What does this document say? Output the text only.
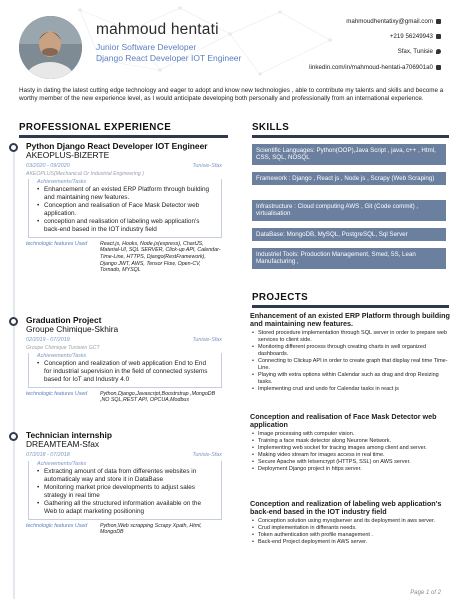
mahmoud hentati
Junior Software Developer
Django React Developer IOT Engineer
mahmoudhentatixy@gmail.com
+219 56249943
Sfax, Tunisie
linkedin.com/in/mahmoud-hentati-a706901a0
Hasty in dating the latest cutting edge technology and eager to adopt and know new technologies , able to contribute my talents and skills and become a worthy member of the new experience level, as I would anticipate developing both personally and professionally from an international experience.
PROFESSIONAL EXPERIENCE
Python Django React Developer IOT Engineer
AKEOPLUS-BIZERTE
03/2020 - 09/2020	Tunisie-Sfax
AKEOPLUS(Mechanical Or Industrial Engineering )
Achievements/Tasks
• Enhancement of an existed ERP Platform through building and maintaining new features.
• Conception and realisation of Face Mask Detector web application.
• conception and realisation of labeling web application's back-end based in the IOT industry field
technologic features Used	React.js, Hooks, Node.js(express), ChartJS, Material-UI, SQL SERVER, Click-up API, Calendar-Time-Line, HTTPS, Django(RestFramework), Django JWT, AWS, Tensor Flow, Open-CV, Tornado, MYSQL
Graduation Project
Groupe Chimique-Skhira
02/2019 - 07/2019	Tunisie-Sfax
Groupe Chimique Tunisien GCT
Achievements/Tasks
• Conception and realization of web application End to End for industrial supervision in the field of connected systems based for IoT and Industry 4.0
technologic features Used	Python,Django,Javascript,Boostrstrap ,MongoDB ,NO SQL,REST API, OPCUA,Modbus
Technician internship
DREAMTEAM-Sfax
07/2018 - 07/2018	Tunisie-Sfax
Achievements/Tasks
• Extracting amount of data from differentes websites in automaticaly way and store it in DataBase
• Monitoring market price developments to adjust sales strategy in real time
• Gathering all the structured information available on the Web to adapt marketing positioning
technologic features Used	Python,Web scrapping Scrapy Xpath, Html, MongoDB
SKILLS
Scientific Languages: Python(OOP),Java Script , java, c++ , Html, CSS, SQL, NOSQL
Framework : Django , React js , Node js , Scrapy (Web Scraping)
Infrastructure : Cloud computing AWS , Git (Code commit) , virtualisation
DataBase: MongoDB, MySQL, PostgreSQL, Sql Server
Industriel Tools: Production Management, Smed, 5S, Lean Manufacturing ,
PROJECTS
Enhancement of an existed ERP Platform through building and maintaining new features.
• Stored procedure implementation through SQL server in order to prepare web services to client side.
• Monitoring different process through creating charts in well organized dashboards.
• Connecting to Clickup API in order to create graph that display real time Time-Line.
• Playing with extra options within Calendar such as drag and drop Resizing tasks.
• Implementing crud and undo for Calendar tasks in react js
Conception and realisation of Face Mask Detector web application
• Image processing with computer vision.
• Training a face mask detector along Neurone Network.
• Implementing web socket for tracing images among client and server.
• Making video stream for images access in real time.
• Secure Apache with letsencrypt (HTTPS, SSL) on AWS server.
• Deployment Django project in https server.
Conception and realization of labeling web application's back-end based in the IOT industry field
• Conception solution using mysqlserver and its deployment in aws server.
• Crud implementation in differants needs.
• Token authentication with profile management .
• Back-end Project deployment in AWS server.
Page 1 of 2
